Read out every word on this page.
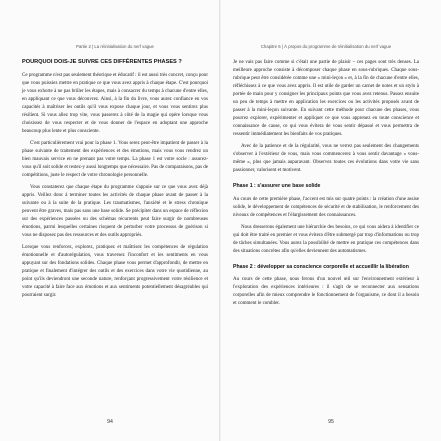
Partie 2 | La réinitialisation du nerf vague
POURQUOI DOIS-JE SUIVRE CES DIFFÉRENTES PHASES ?

Ce programme n'est pas seulement théorique et éducatif : il est aussi très concret, conçu pour que vous puissiez mettre en pratique ce que vous avez appris à chaque étape. C'est pourquoi je vous exhorte à ne pas brûler les étapes, mais à consacrer du temps à chacune d'entre elles, en appliquant ce que vous découvrez. Ainsi, à la fin du livre, vous aurez confiance en vos capacités à maîtriser les outils qu'il vous expose chaque jour, et vous vous sentirez plus résilient. Si vous allez trop vite, vous passerez à côté de la magie qui opère lorsque vous choisissez de vous respecter et de vous donner de l'espace en adoptant une approche beaucoup plus lente et plus consciente.

C'est particulièrement vrai pour la phase 1. Vous serez peut-être impatient de passer à la phase suivante de traitement des expériences et des émotions, mais vous vous rendrez un bien mauvais service en ne prenant pas votre temps. La phase 1 est votre socle : assurez-vous qu'il soit solide et restez-y aussi longtemps que nécessaire. Pas de comparaisons, pas de compétitions, juste le respect de votre chronologie personnelle.

Vous constaterez que chaque étape du programme s'appuie sur ce que vous avez déjà appris. Veillez donc à terminer toutes les activités de chaque phase avant de passer à la suivante ou à la suite de la pratique. Les traumatismes, l'anxiété et le stress chronique peuvent être graves, mais pas sans une base solide. Se précipiter dans un espace de réflexion sur des expériences passées ou des schémas récurrents peut faire surgir de nombreuses émotions, parmi lesquelles certaines risquent de perturber votre processus de guérison si vous ne disposez pas des ressources et des outils appropriés.

Lorsque vous renforcez, explorez, pratiquez et maîtrisez les compétences de régulation émotionnelle et d'autorégulation, vous traversez l'inconfort et les sentiments en vous appuyant sur des fondations solides. Chaque phase vous permet d'approfondir, de mettre en pratique et finalement d'intégrer des outils et des exercices dans votre vie quotidienne, au point qu'ils deviendront une seconde nature, renforçant progressivement votre résilience et votre capacité à faire face aux émotions et aux sentiments potentiellement désagréables qui pourraient surgir.

94
Chapitre 6 | À propos du programme de réinitialisation du nerf vague

Je ne vais pas faire comme si c'était une partie de plaisir – ces pages sont très denses. La meilleure approche consiste à décomposer chaque phase en sous-rubriques. Chaque sous-rubrique peut être considérée comme une « mini-leçon » et, à la fin de chacune d'entre elles, réfléchissez à ce que vous avez appris. Il est utile de garder un carnet de notes et un stylo à portée de main pour y consigner les principaux points que vous avez retenus. Passez ensuite un peu de temps à mettre en application les exercices ou les activités proposés avant de passer à la mini-leçon suivante. En suivant cette méthode pour chacune des phases, vous pourrez explorer, expérimenter et appliquer ce que vous apprenez en toute conscience et connaissance de cause, ce qui vous évitera de vous sentir dépassé et vous permettra de ressentir immédiatement les bienfaits de vos pratiques.

Avec de la patience et de la régularité, vous ne verrez pas seulement des changements s'observer à l'extérieur de vous, mais vous commencerez à vous sentir davantage « vous-même », plus que jamais auparavant. Observez toutes ces évolutions dans votre vie sans passionner, valorisent et motivent.

Phase 1 : s'assurer une base solide

Au cours de cette première phase, l'accent est mis sur quatre points : la création d'une assise solide, le développement de compétences de sécurité et de stabilisation, le renforcement des niveaux de compétences et l'élargissement des connaissances.

Nous dresserons également une hiérarchie des besoins, ce qui vous aidera à identifier ce qui doit être traité en premier et vous évitera d'être submergé par trop d'informations ou trop de tâches simultanées. Vous aurez la possibilité de mettre en pratique ces compétences dans des situations concrètes afin qu'elles deviennent des automatismes.

Phase 2 : développer sa conscience corporelle et accueillir la libération

Au cours de cette phase, nous ferons d'un nouvel œil sur l'environnement extérieur à l'exploration des expériences intérieures : il s'agit de se reconnecter aux sensations corporelles afin de mieux comprendre le fonctionnement de l'organisme, ce dont il a besoin et comment le combler.

95
